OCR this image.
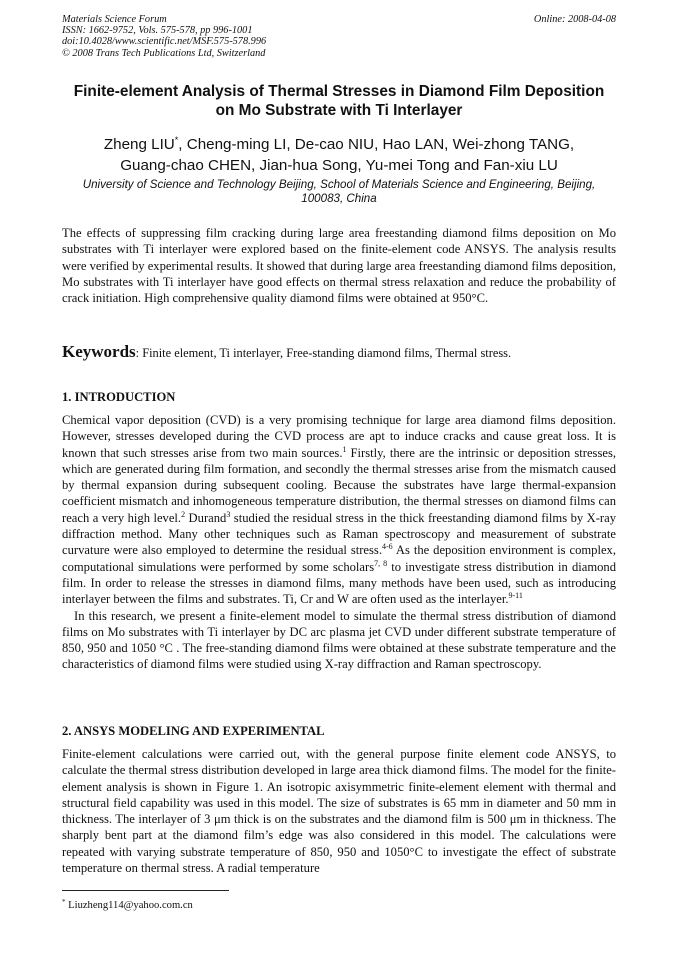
Materials Science Forum
ISSN: 1662-9752, Vols. 575-578, pp 996-1001
doi:10.4028/www.scientific.net/MSF.575-578.996
© 2008 Trans Tech Publications Ltd, Switzerland
Online: 2008-04-08
Finite-element Analysis of Thermal Stresses in Diamond Film Deposition
on Mo Substrate with Ti Interlayer
Zheng LIU*, Cheng-ming LI, De-cao NIU, Hao LAN, Wei-zhong TANG,
Guang-chao CHEN, Jian-hua Song, Yu-mei Tong and Fan-xiu LU
University of Science and Technology Beijing, School of Materials Science and Engineering, Beijing,
100083, China
The effects of suppressing film cracking during large area freestanding diamond films deposition on Mo substrates with Ti interlayer were explored based on the finite-element code ANSYS. The analysis results were verified by experimental results. It showed that during large area freestanding diamond films deposition, Mo substrates with Ti interlayer have good effects on thermal stress relaxation and reduce the probability of crack initiation. High comprehensive quality diamond films were obtained at 950°C.
Keywords: Finite element, Ti interlayer, Free-standing diamond films, Thermal stress.
1. INTRODUCTION

Chemical vapor deposition (CVD) is a very promising technique for large area diamond films deposition. However, stresses developed during the CVD process are apt to induce cracks and cause great loss. It is known that such stresses arise from two main sources.$^1$ Firstly, there are the intrinsic or deposition stresses, which are generated during film formation, and secondly the thermal stresses arise from the mismatch caused by thermal expansion during subsequent cooling. Because the substrates have large thermal-expansion coefficient mismatch and inhomogeneous temperature distribution, the thermal stresses on diamond films can reach a very high level.$^2$ Durand$^3$ studied the residual stress in the thick freestanding diamond films by X-ray diffraction method. Many other techniques such as Raman spectroscopy and measurement of substrate curvature were also employed to determine the residual stress.$^{4-6}$ As the deposition environment is complex, computational simulations were performed by some scholars$^{7, 8}$ to investigate stress distribution in diamond film. In order to release the stresses in diamond films, many methods have been used, such as introducing interlayer between the films and substrates. Ti, Cr and W are often used as the interlayer.$^{9-11}$

In this research, we present a finite-element model to simulate the thermal stress distribution of diamond films on Mo substrates with Ti interlayer by DC arc plasma jet CVD under different substrate temperature of 850, 950 and 1050 °C . The free-standing diamond films were obtained at these substrate temperature and the characteristics of diamond films were studied using X-ray diffraction and Raman spectroscopy.

2. ANSYS MODELING AND EXPERIMENTAL

Finite-element calculations were carried out, with the general purpose finite element code ANSYS, to calculate the thermal stress distribution developed in large area thick diamond films. The model for the finite-element analysis is shown in Figure 1. An isotropic axisymmetric finite-element element with thermal and structural field capability was used in this model. The size of substrates is 65 mm in diameter and 50 mm in thickness. The interlayer of 3 μm thick is on the substrates and the diamond film is 500 μm in thickness. The sharply bent part at the diamond film’s edge was also considered in this model. The calculations were repeated with varying substrate temperature of 850, 950 and 1050°C to investigate the effect of substrate temperature on thermal stress. A radial temperature

* Liuzheng114@yahoo.com.cn
